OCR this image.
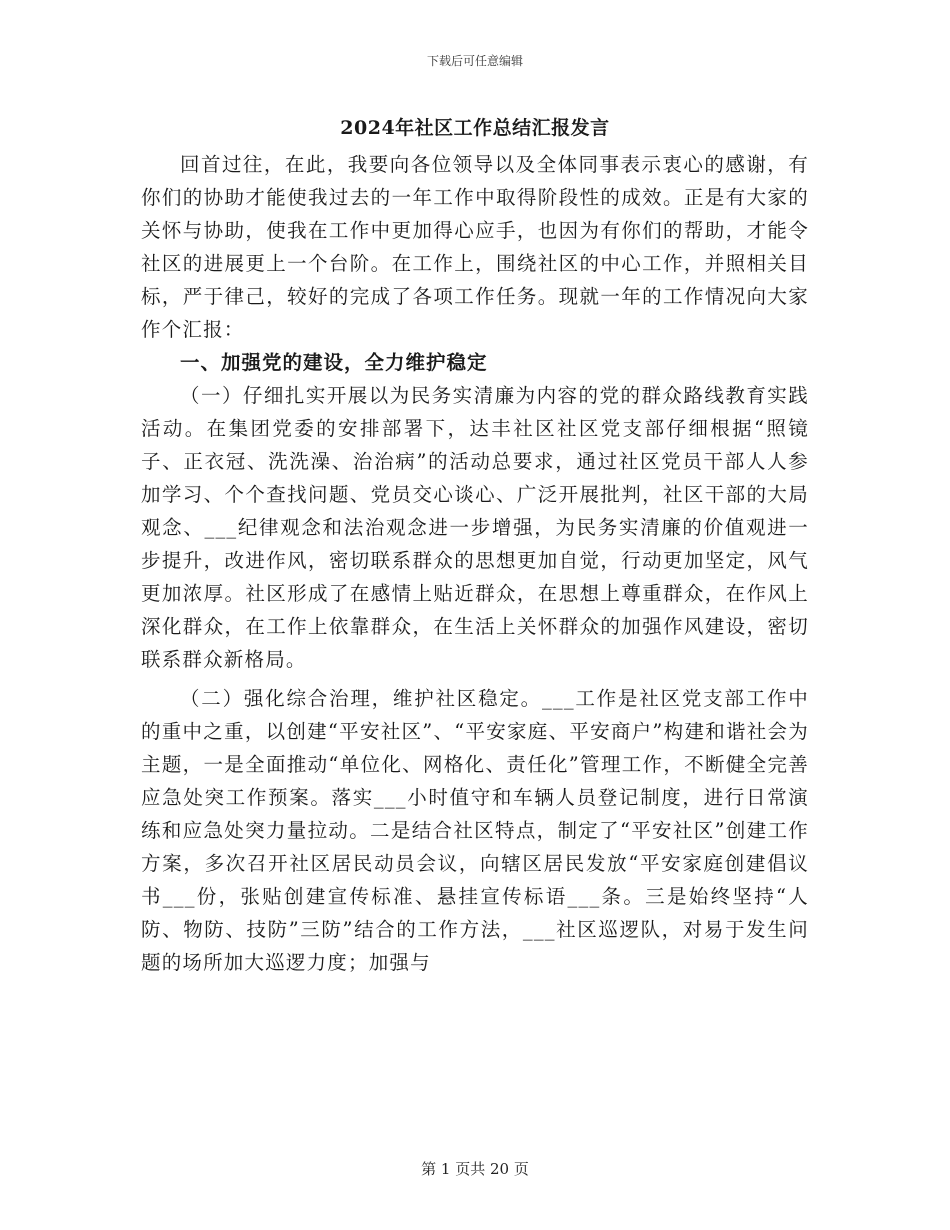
下载后可任意编辑
2024年社区工作总结汇报发言

回首过往，在此，我要向各位领导以及全体同事表示衷心的感谢，有你们的协助才能使我过去的一年工作中取得阶段性的成效。正是有大家的关怀与协助，使我在工作中更加得心应手，也因为有你们的帮助，才能令社区的进展更上一个台阶。在工作上，围绕社区的中心工作，并照相关目标，严于律己，较好的完成了各项工作任务。现就一年的工作情况向大家作个汇报：

一、加强党的建设，全力维护稳定

（一）仔细扎实开展以为民务实清廉为内容的党的群众路线教育实践活动。在集团党委的安排部署下，达丰社区社区党支部仔细根据“照镜子、正衣冠、洗洗澡、治治病”的活动总要求，通过社区党员干部人人参加学习、个个查找问题、党员交心谈心、广泛开展批判，社区干部的大局观念、___纪律观念和法治观念进一步增强，为民务实清廉的价值观进一步提升，改进作风，密切联系群众的思想更加自觉，行动更加坚定，风气更加浓厚。社区形成了在感情上贴近群众，在思想上尊重群众，在作风上深化群众，在工作上依靠群众，在生活上关怀群众的加强作风建设，密切联系群众新格局。

（二）强化综合治理，维护社区稳定。___工作是社区党支部工作中的重中之重，以创建“平安社区”、“平安家庭、平安商户”构建和谐社会为主题，一是全面推动“单位化、网格化、责任化”管理工作，不断健全完善应急处突工作预案。落实___小时值守和车辆人员登记制度，进行日常演练和应急处突力量拉动。二是结合社区特点，制定了“平安社区”创建工作方案，多次召开社区居民动员会议，向辖区居民发放“平安家庭创建倡议书___份，张贴创建宣传标准、悬挂宣传标语___条。三是始终坚持“人防、物防、技防”三防”结合的工作方法，___社区巡逻队，对易于发生问题的场所加大巡逻力度；加强与

第 1 页共 20 页
